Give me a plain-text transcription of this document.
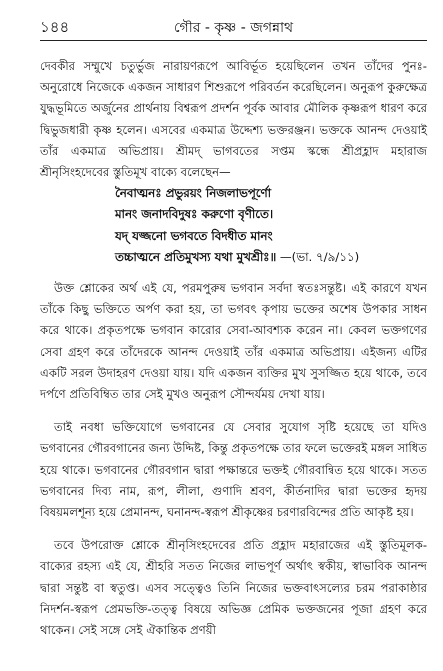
১৪৪	গৌর - কৃষ্ণ - জগন্নাথ

দেবকীর সম্মুখে চতুর্ভুজ নারায়ণরূপে আবির্ভূত হয়েছিলেন তখন তাঁদের পুনঃ-অনুরোধে নিজেকে একজন সাধারণ শিশুরূপে পরিবর্তন করেছিলেন। অনুরূপ কুরুক্ষেত্র যুদ্ধভূমিতে অর্জুনের প্রার্থনায় বিশ্বরূপ প্রদর্শন পূর্বক আবার মৌলিক কৃষ্ণরূপ ধারণ করে দ্বিভুজধারী কৃষ্ণ হলেন। এসবের একমাত্র উদ্দেশ্য ভক্তরঞ্জন। ভক্তকে আনন্দ দেওয়াই তাঁর একমাত্র অভিপ্রায়। শ্রীমদ্ ভাগবতের সপ্তম স্কন্ধে শ্রীপ্রহ্লাদ মহারাজ শ্রীনৃসিংহদেবের স্তুতিমূখ বাক্যে বলেছেন—

নৈবাত্মনঃ প্রভুরয়ং নিজলাভপূর্ণো
মানং জনাদবিদুষঃ করুণো বৃণীতে।
যদ্ যজ্জনো ভগবতে বিদধীত মানং
তচ্চাত্মনে প্রতিমুখস্য যথা মুখশ্রীঃ॥ —(ভা. ৭/৯/১১)

উক্ত শ্লোকের অর্থ এই যে, পরমপুরুষ ভগবান সর্বদা স্বতঃসন্তুষ্ট। এই কারণে যখন তাঁকে কিছু ভক্তিতে অর্পণ করা হয়, তা ভগবৎ কৃপায় ভক্তের অশেষ উপকার সাধন করে থাকে। প্রকৃতপক্ষে ভগবান কারোর সেবা-আবশ্যক করেন না। কেবল ভক্তগণের সেবা গ্রহণ করে তাঁদেরকে আনন্দ দেওয়াই তাঁর একমাত্র অভিপ্রায়। এইজন্য এটির একটি সরল উদাহরণ দেওয়া যায়। যদি একজন ব্যক্তির মুখ সুসজ্জিত হয়ে থাকে, তবে দর্পণে প্রতিবিম্বিত তার সেই মুখও অনুরূপ সৌন্দর্যময় দেখা যায়।

তাই নবধা ভক্তিযোগে ভগবানের যে সেবার সুযোগ সৃষ্টি হয়েছে তা যদিও ভগবানের গৌরবগানের জন্য উদ্দিষ্ট, কিন্তু প্রকৃতপক্ষে তার ফলে ভক্তেরই মঙ্গল সাধিত হয়ে থাকে। ভগবানের গৌরবগান দ্বারা পক্ষান্তরে ভক্তই গৌরবান্বিত হয়ে থাকে। সতত ভগবানের দিব্য নাম, রূপ, লীলা, গুণাদি শ্রবণ, কীর্তনাদির দ্বারা ভক্তের হৃদয় বিষয়মলশূন্য হয়ে প্রেমানন্দ, ঘনানন্দ-স্বরূপ শ্রীকৃষ্ণের চরণারবিন্দের প্রতি আকৃষ্ট হয়।

তবে উপরোক্ত শ্লোকে শ্রীনৃসিংহদেবের প্রতি প্রহ্লাদ মহারাজের এই স্তুতিমূলক-বাক্যের রহস্য এই যে, শ্রীহরি সতত নিজের লাভপূর্ণ অর্থাৎ স্বকীয়, স্বাভাবিক আনন্দ দ্বারা সন্তুষ্ট বা স্বতুপ্ত। এসব সত্ত্বেও তিনি নিজের ভক্তবাৎসল্যের চরম পরাকাষ্ঠার নিদর্শন-স্বরূপ প্রেমভক্তি-তত্ত্ব বিষয়ে অভিজ্ঞ প্রেমিক ভক্তজনের পূজা গ্রহণ করে থাকেন। সেই সঙ্গে সেই ঐকান্তিক প্রণয়ী
